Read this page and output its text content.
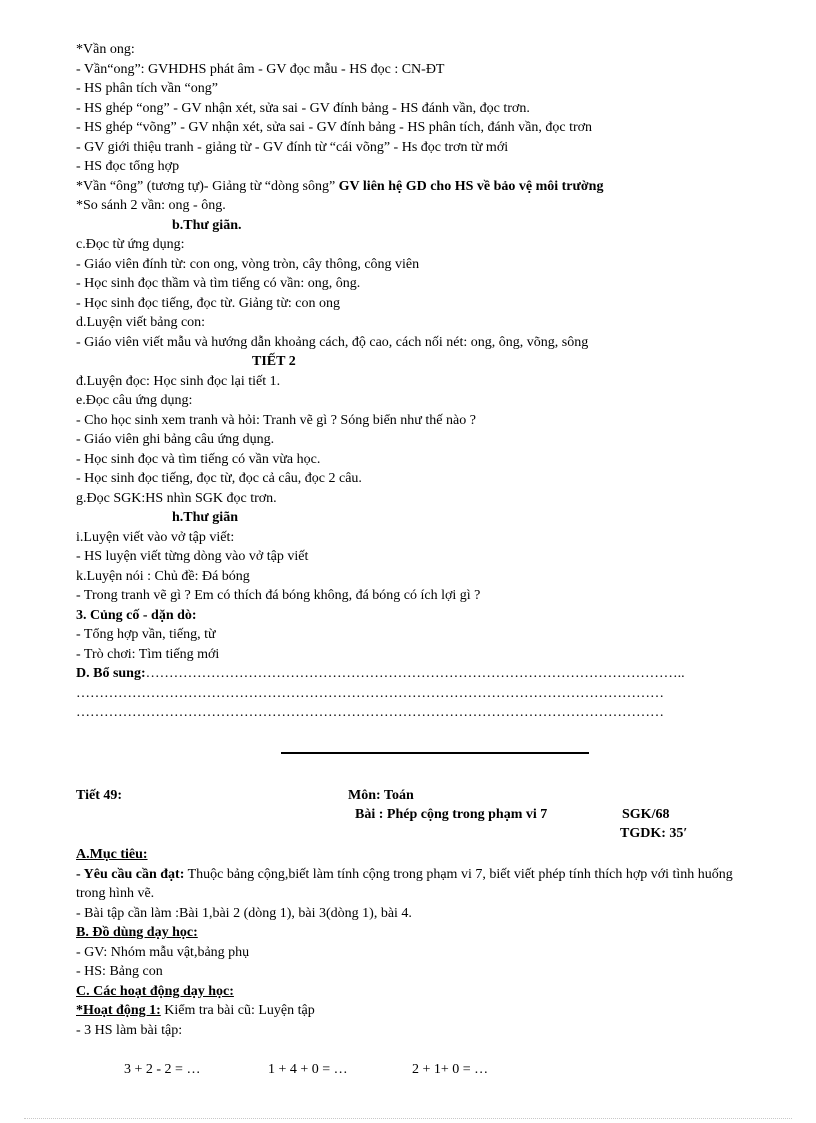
*Vần ong:
- Vần“ong”: GVHDHS phát âm - GV đọc mẫu - HS đọc : CN-ĐT
- HS phân tích vần “ong”
- HS ghép “ong” - GV nhận xét, sửa sai - GV đính bảng - HS đánh vần, đọc trơn.
- HS ghép “võng” - GV nhận xét, sửa sai - GV đính bảng - HS phân tích, đánh vần, đọc trơn
- GV giới thiệu tranh - giảng từ - GV đính từ “cái võng” - Hs đọc trơn từ mới
- HS đọc tổng hợp
*Vần “ông” (tương tự)- Giảng từ “dòng sông” GV liên hệ GD cho HS về bảo vệ môi trường
*So sánh 2 vần: ong - ông.
b.Thư giãn.
c.Đọc từ ứng dụng:
- Giáo viên đính từ: con ong, vòng tròn, cây thông, công viên
- Học sinh đọc thầm và tìm tiếng có vần: ong, ông.
- Học sinh đọc tiếng, đọc từ. Giảng từ: con ong
d.Luyện viết bảng con:
- Giáo viên viết mẫu và hướng dẫn khoảng cách, độ cao, cách nối nét: ong, ông, võng, sông
TIẾT 2
đ.Luyện đọc: Học sinh đọc lại tiết 1.
e.Đọc câu ứng dụng:
- Cho học sinh xem tranh và hỏi: Tranh vẽ gì ? Sóng biển như thế nào ?
- Giáo viên ghi bảng câu ứng dụng.
- Học sinh đọc và tìm tiếng có vần vừa học.
- Học sinh đọc tiếng, đọc từ, đọc cả câu, đọc 2 câu.
g.Đọc SGK:HS nhìn SGK đọc trơn.
h.Thư giãn
i.Luyện viết vào vở tập viết:
- HS luyện viết từng dòng vào vở tập viết
k.Luyện nói : Chủ đề: Đá bóng
- Trong tranh vẽ gì ? Em có thích đá bóng không, đá bóng có ích lợi gì ?
3. Củng cố - dặn dò:
- Tổng hợp vần, tiếng, từ
- Trò chơi: Tìm tiếng mới
D. Bổ sung:……………………………………………………………………………………………………..
………………………………………………………………………………………………………………
………………………………………………………………………………………………………………
Tiết 49:	Môn: Toán
Bài : Phép cộng trong phạm vi 7	SGK/68
TGDK: 35′
A.Mục tiêu:
- Yêu cầu cần đạt: Thuộc bảng cộng,biết làm tính cộng trong phạm vi 7, biết viết phép tính thích hợp với tình huống trong hình vẽ.
- Bài tập cần làm :Bài 1,bài 2 (dòng 1), bài 3(dòng 1), bài 4.
B. Đồ dùng dạy học:
- GV: Nhóm mẫu vật,bảng phụ
- HS: Bảng con
C. Các hoạt động dạy học:
*Hoạt động 1: Kiểm tra bài cũ: Luyện tập
- 3 HS làm bài tập:
3 + 2 - 2 = …	1 + 4 + 0 = …	2 + 1+ 0 = …
